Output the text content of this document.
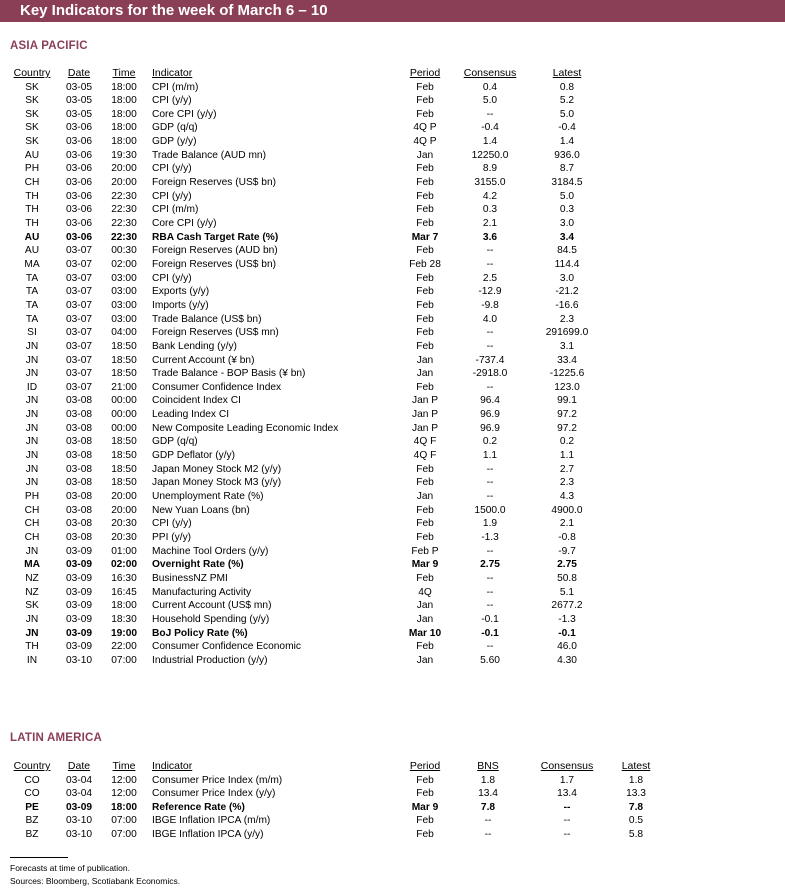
Key Indicators for the week of March 6 – 10
ASIA PACIFIC
Country	Date	Time	Indicator	Period	Consensus	Latest
SK	03-05	18:00	CPI (m/m)	Feb	0.4	0.8
SK	03-05	18:00	CPI (y/y)	Feb	5.0	5.2
SK	03-05	18:00	Core CPI (y/y)	Feb	--	5.0
SK	03-06	18:00	GDP (q/q)	4Q P	-0.4	-0.4
SK	03-06	18:00	GDP (y/y)	4Q P	1.4	1.4
AU	03-06	19:30	Trade Balance (AUD mn)	Jan	12250.0	936.0
PH	03-06	20:00	CPI (y/y)	Feb	8.9	8.7
CH	03-06	20:00	Foreign Reserves (US$ bn)	Feb	3155.0	3184.5
TH	03-06	22:30	CPI (y/y)	Feb	4.2	5.0
TH	03-06	22:30	CPI (m/m)	Feb	0.3	0.3
TH	03-06	22:30	Core CPI (y/y)	Feb	2.1	3.0
AU	03-06	22:30	RBA Cash Target Rate (%)	Mar 7	3.6	3.4
AU	03-07	00:30	Foreign Reserves (AUD bn)	Feb	--	84.5
MA	03-07	02:00	Foreign Reserves (US$ bn)	Feb 28	--	114.4
TA	03-07	03:00	CPI (y/y)	Feb	2.5	3.0
TA	03-07	03:00	Exports (y/y)	Feb	-12.9	-21.2
TA	03-07	03:00	Imports (y/y)	Feb	-9.8	-16.6
TA	03-07	03:00	Trade Balance (US$ bn)	Feb	4.0	2.3
SI	03-07	04:00	Foreign Reserves (US$ mn)	Feb	--	291699.0
JN	03-07	18:50	Bank Lending (y/y)	Feb	--	3.1
JN	03-07	18:50	Current Account (¥ bn)	Jan	-737.4	33.4
JN	03-07	18:50	Trade Balance - BOP Basis (¥ bn)	Jan	-2918.0	-1225.6
ID	03-07	21:00	Consumer Confidence Index	Feb	--	123.0
JN	03-08	00:00	Coincident Index CI	Jan P	96.4	99.1
JN	03-08	00:00	Leading Index CI	Jan P	96.9	97.2
JN	03-08	00:00	New Composite Leading Economic Index	Jan P	96.9	97.2
JN	03-08	18:50	GDP (q/q)	4Q F	0.2	0.2
JN	03-08	18:50	GDP Deflator (y/y)	4Q F	1.1	1.1
JN	03-08	18:50	Japan Money Stock M2 (y/y)	Feb	--	2.7
JN	03-08	18:50	Japan Money Stock M3 (y/y)	Feb	--	2.3
PH	03-08	20:00	Unemployment Rate (%)	Jan	--	4.3
CH	03-08	20:00	New Yuan Loans (bn)	Feb	1500.0	4900.0
CH	03-08	20:30	CPI (y/y)	Feb	1.9	2.1
CH	03-08	20:30	PPI (y/y)	Feb	-1.3	-0.8
JN	03-09	01:00	Machine Tool Orders (y/y)	Feb P	--	-9.7
MA	03-09	02:00	Overnight Rate (%)	Mar 9	2.75	2.75
NZ	03-09	16:30	BusinessNZ PMI	Feb	--	50.8
NZ	03-09	16:45	Manufacturing Activity	4Q	--	5.1
SK	03-09	18:00	Current Account (US$ mn)	Jan	--	2677.2
JN	03-09	18:30	Household Spending (y/y)	Jan	-0.1	-1.3
JN	03-09	19:00	BoJ Policy Rate (%)	Mar 10	-0.1	-0.1
TH	03-09	22:00	Consumer Confidence Economic	Feb	--	46.0
IN	03-10	07:00	Industrial Production (y/y)	Jan	5.60	4.30
LATIN AMERICA
Country	Date	Time	Indicator	Period	BNS	Consensus	Latest
CO	03-04	12:00	Consumer Price Index (m/m)	Feb	1.8	1.7	1.8
CO	03-04	12:00	Consumer Price Index (y/y)	Feb	13.4	13.4	13.3
PE	03-09	18:00	Reference Rate (%)	Mar 9	7.8	--	7.8
BZ	03-10	07:00	IBGE Inflation IPCA (m/m)	Feb	--	--	0.5
BZ	03-10	07:00	IBGE Inflation IPCA (y/y)	Feb	--	--	5.8
Forecasts at time of publication.
Sources: Bloomberg, Scotiabank Economics.
